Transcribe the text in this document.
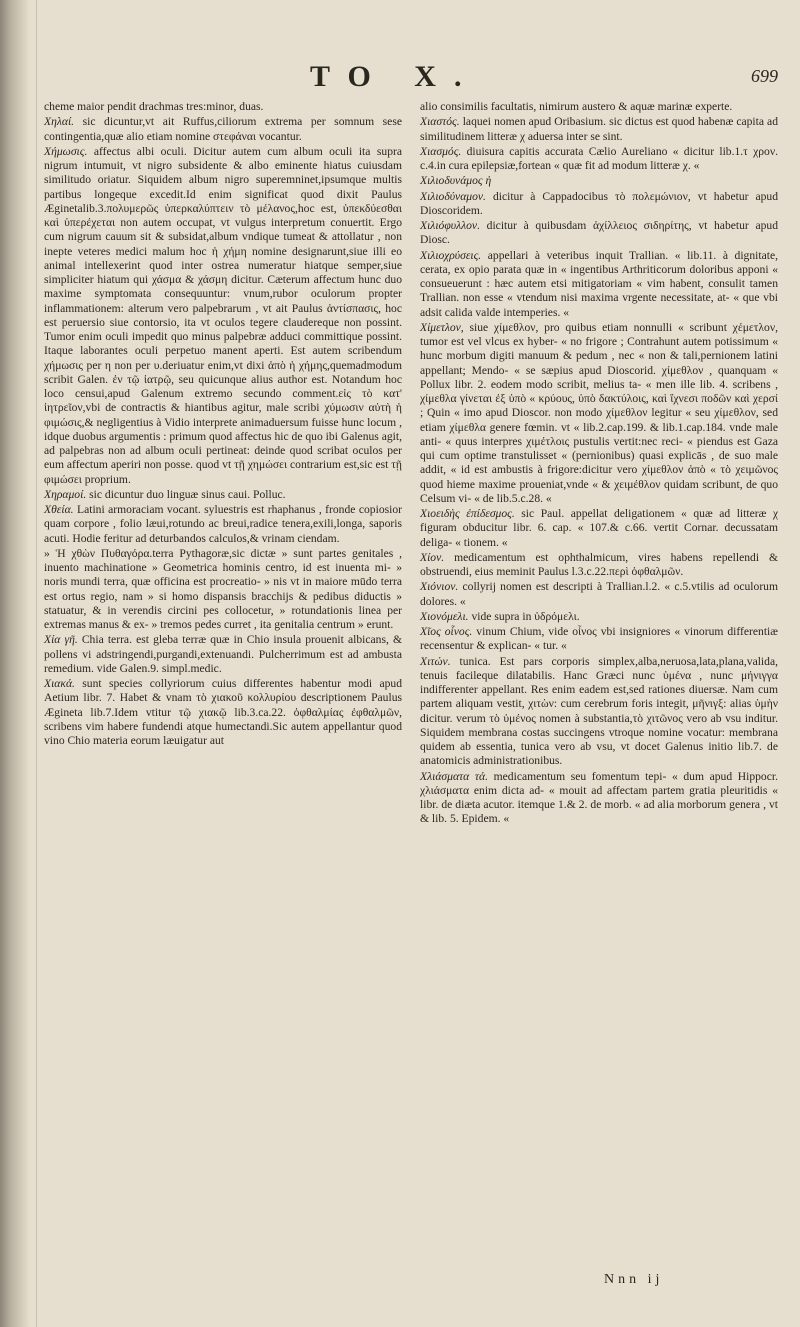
TO X.	699

cheme maior pendit drachmas tres:minor, duas.

Χηλαί. sic dicuntur,vt ait Ruffus,ciliorum extrema per somnum sese contingentia,quæ alio etiam nomine στεφάναι vocantur.

Χήμωσις. affectus albi oculi. Dicitur autem cum album oculi ita supra nigrum intumuit, vt nigro subsidente & albo eminente hiatus cuiusdam similitudo oriatur. Siquidem album nigro superemninet,ipsumque multis partibus longeque excedit.Id enim significat quod dixit Paulus Æginetalib.3.πολυμερῶς ὑπερκαλύπτειν τὸ μέλανος,hoc est, ὑπεκδύεσθαι καὶ ὑπερέχεται non autem occupat, vt vulgus interpretum conuertit. Ergo cum nigrum cauum sit & subsidat,album vndique tumeat & attollatur , non inepte veteres medici malum hoc ἡ χήμη nomine designarunt,siue illi eo animal intellexerint quod inter ostrea numeratur hiatque semper,siue simpliciter hiatum qui χάσμα & χάσμη dicitur. Cæterum affectum hunc duo maxime symptomata consequuntur: vnum,rubor oculorum propter inflammationem: alterum vero palpebrarum , vt ait Paulus ἀντίσπασις, hoc est peruersio siue contorsio, ita vt oculos tegere claudereque non possint. Tumor enim oculi impedit quo minus palpebræ adduci committique possint. Itaque laborantes oculi perpetuo manent aperti. Est autem scribendum χήμωσις per η non per υ.deriuatur enim,vt dixi ἀπὸ ἡ χήμης,quemadmodum scribit Galen. ἐν τῷ ἰατρῷ, seu quicunque alius author est. Notandum hoc loco censui,apud Galenum extremo secundo comment.εἰς τὸ κατ' ἰητρεῖον,vbi de contractis & hiantibus agitur, male scribi χύμωσιν αὐτὴ ἡ φιμώσις,& negligentius à Vidio interprete animaduersum fuisse hunc locum , idque duobus argumentis : primum quod affectus hic de quo ibi Galenus agit, ad palpebras non ad album oculi pertineat: deinde quod scribat oculos per eum affectum aperiri non posse. quod vt τῇ χημώσει contrarium est,sic est τῇ φιμώσει proprium.

Χηραμοί. sic dicuntur duo linguæ sinus caui. Polluc.

Χθεία. Latini armoraciam vocant. syluestris est rhaphanus , fronde copiosior quam corpore , folio læui,rotundo ac breui,radice tenera,exili,longa, saporis acuti. Hodie feritur ad deturbandos calculos,& vrinam ciendam.

» Ἡ χθὼν Πυθαγόρα.terra Pythagoræ,sic dictæ » sunt partes genitales , inuento machinatione » Geometrica hominis centro, id est inuenta mi- » noris mundi terra, quæ officina est procreatio- » nis vt in maiore mūdo terra est ortus regio, nam » si homo dispansis bracchijs & pedibus diductis » statuatur, & in verendis circini pes collocetur, » rotundationis linea per extremas manus & ex- » tremos pedes curret , ita genitalia centrum » erunt.

Χία γῆ. Chia terra. est gleba terræ quæ in Chio insula prouenit albicans, & pollens vi adstringendi,purgandi,extenuandi. Pulcherrimum est ad ambusta remedium. vide Galen.9. simpl.medic.

Χιακά. sunt species collyriorum cuius differentes habentur modi apud Aetium libr. 7. Habet & vnam τὸ χιακοῦ κολλυρίου descriptionem Paulus Ægineta lib.7.Idem vtitur τῷ χιακῷ lib.3.ca.22. ὀφθαλμίας ἐφθαλμῶν, scribens vim habere fundendi atque humectandi.Sic autem appellantur quod vino Chio materia eorum læuigatur aut

alio consimilis facultatis, nimirum austero & aquæ marinæ experte.

Χιαστός. laquei nomen apud Oribasium. sic dictus est quod habenæ capita ad similitudinem litteræ χ aduersa inter se sint.

Χιασμός. diuisura capitis accurata Cælio Aureliano « dicitur lib.1.τ χρον. c.4.in cura epilepsiæ,fortean « quæ fit ad modum litteræ χ. «

Χιλιοδυνάμος ἡ

Χιλιοδύναμον. dicitur à Cappadocibus τὸ πολεμώνιον, vt habetur apud Dioscoridem.

Χιλιόφυλλον. dicitur à quibusdam ἀχίλλειος σιδηρίτης, vt habetur apud Diosc.

Χιλιοχρύσεις. appellari à veteribus inquit Trallian. « lib.11. à dignitate, cerata, ex opio parata quæ in « ingentibus Arthriticorum doloribus apponi « consueuerunt : hæc autem etsi mitigatoriam « vim habent, consulit tamen Trallian. non esse « vtendum nisi maxima vrgente necessitate, at- « que vbi adsit calida valde intemperies. «

Χίμετλον, siue χίμεθλον, pro quibus etiam nonnulli « scribunt χέμετλον, tumor est vel vlcus ex hyber- « no frigore ; Contrahunt autem potissimum « hunc morbum digiti manuum & pedum , nec « non & tali,pernionem latini appellant; Mendo- « se sæpius apud Dioscorid. χίμεθλον , quanquam « Pollux libr. 2. eodem modo scribit, melius ta- « men ille lib. 4. scribens , χίμεθλα γίνεται ἐξ ὑπὸ « κρύους, ὑπὸ δακτύλοις, καὶ ἴχνεσι ποδῶν καὶ χερσί ; Quin « imo apud Dioscor. non modo χίμεθλον legitur « seu χίμεθλον, sed etiam χίμεθλα genere fœmin. vt « lib.2.cap.199. & lib.1.cap.184. vnde male anti- « quus interpres χιμέτλοις pustulis vertit:nec reci- « piendus est Gaza qui cum optime transtulisset « (pernionibus) quasi explicās , de suo male addit, « id est ambustis à frigore:dicitur vero χίμεθλον ἀπὸ « τὸ χειμῶνος quod hieme maxime proueniat,vnde « & χειμέθλον quidam scribunt, de quo Celsum vi- « de lib.5.c.28. «

Χιοειδὴς ἐπίδεσμος. sic Paul. appellat deligationem « quæ ad litteræ χ figuram obducitur libr. 6. cap. « 107.& c.66. vertit Cornar. decussatam deliga- « tionem. «

Χίον. medicamentum est ophthalmicum, vires habens repellendi & obstruendi, eius meminit Paulus l.3.c.22.περὶ ὀφθαλμῶν.

Χιόνιον. collyrij nomen est descripti à Trallian.l.2. « c.5.vtilis ad oculorum dolores. «

Χιονόμελι. vide supra in ὑδρόμελι.

Χῖος οἶνος. vinum Chium, vide οἶνος vbi insigniores « vinorum differentiæ recensentur & explican- « tur. «

Χιτών. tunica. Est pars corporis simplex,alba,neruosa,lata,plana,valida, tenuis facileque dilatabilis. Hanc Græci nunc ὑμένα , nunc μήνιγγα indifferenter appellant. Res enim eadem est,sed rationes diuersæ. Nam cum partem aliquam vestit, χιτὼν: cum cerebrum foris integit, μῆνιγξ: alias ὑμὴν dicitur. verum τὸ ὑμένος nomen à substantia,τὸ χιτῶνος vero ab vsu inditur. Siquidem membrana costas succingens vtroque nomine vocatur: membrana quidem ab essentia, tunica vero ab vsu, vt docet Galenus initio lib.7. de anatomicis administrationibus.

Χλιάσματα τά. medicamentum seu fomentum tepi- « dum apud Hippocr. χλιάσματα enim dicta ad- « mouit ad affectam partem gratia pleuritidis « libr. de diæta acutor. itemque 1.& 2. de morb. « ad alia morborum genera , vt & lib. 5. Epidem. «

Nnn ij
